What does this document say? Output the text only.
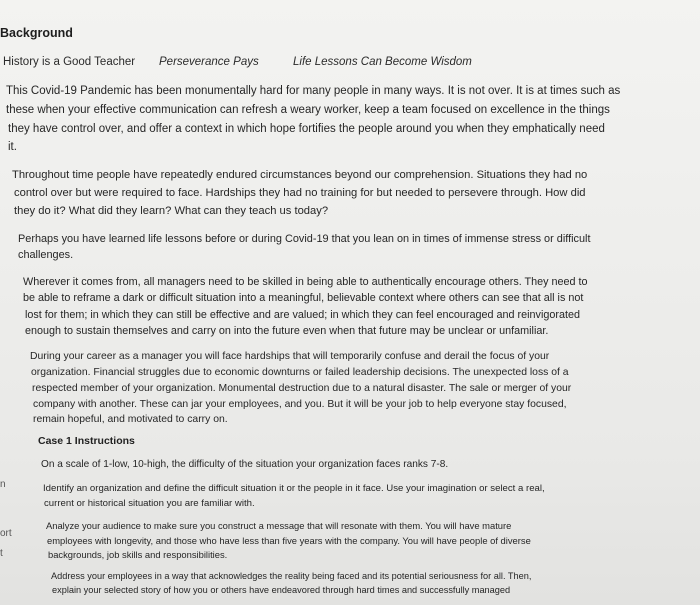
Background
History is a Good Teacher Perseverance Pays	Life Lessons Can Become Wisdom
This Covid-19 Pandemic has been monumentally hard for many people in many ways. It is not over. It is at times such as
these when your effective communication can refresh a weary worker, keep a team focused on excellence in the things
they have control over, and offer a context in which hope fortifies the people around you when they emphatically need
it.
Throughout time people have repeatedly endured circumstances beyond our comprehension. Situations they had no
control over but were required to face. Hardships they had no training for but needed to persevere through. How did
they do it? What did they learn? What can they teach us today?
Perhaps you have learned life lessons before or during Covid-19 that you lean on in times of immense stress or difficult
challenges.
Wherever it comes from, all managers need to be skilled in being able to authentically encourage others. They need to
be able to reframe a dark or difficult situation into a meaningful, believable context where others can see that all is not
lost for them; in which they can still be effective and are valued; in which they can feel encouraged and reinvigorated
enough to sustain themselves and carry on into the future even when that future may be unclear or unfamiliar.
During your career as a manager you will face hardships that will temporarily confuse and derail the focus of your
organization. Financial struggles due to economic downturns or failed leadership decisions. The unexpected loss of a
respected member of your organization. Monumental destruction due to a natural disaster. The sale or merger of your
company with another. These can jar your employees, and you. But it will be your job to help everyone stay focused,
remain hopeful, and motivated to carry on.
Case 1 Instructions
On a scale of 1-low, 10-high, the difficulty of the situation your organization faces ranks 7-8.
Identify an organization and define the difficult situation it or the people in it face. Use your imagination or select a real,
current or historical situation you are familiar with.
Analyze your audience to make sure you construct a message that will resonate with them. You will have mature
employees with longevity, and those who have less than five years with the company. You will have people of diverse
backgrounds, job skills and responsibilities.
Address your employees in a way that acknowledges the reality being faced and its potential seriousness for all. Then,
explain your selected story of how you or others have endeavored through hard times and successfully managed
n
ort
t
